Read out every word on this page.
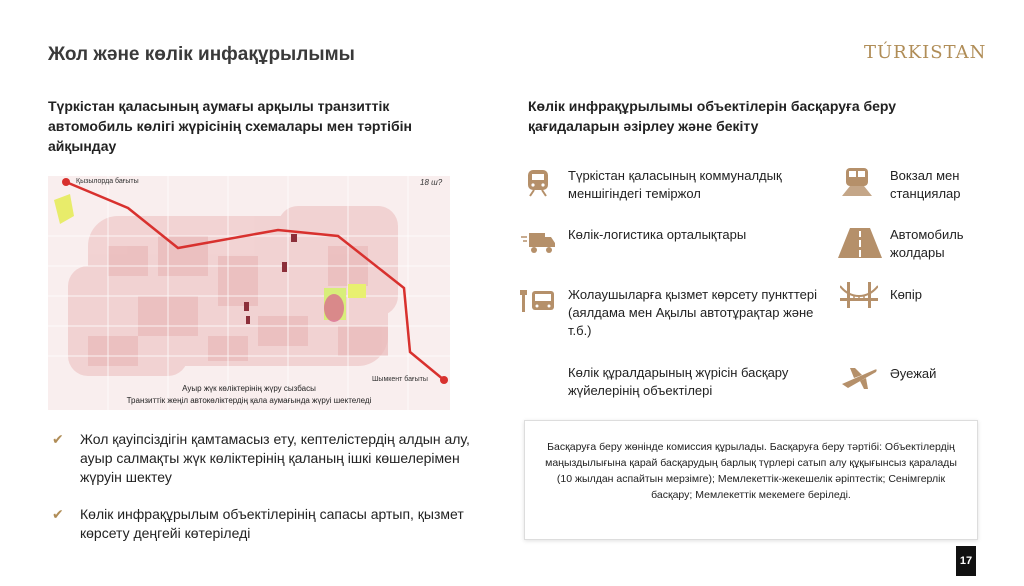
Жол және көлік инфақұрылымы	TÚRKISTAN
Түркістан қаласының аумағы арқылы транзиттік автомобиль көлігі жүрісінің схемалары мен тәртібін айқындау
Қызылорда бағыты	18 ш?
Шымкент бағыты
Ауыр жүк көліктерінің жүру сызбасы
Транзиттік жеңіл автокөліктердің қала аумағында жүруі шектеледі
✔ Жол қауіпсіздігін қамтамасыз ету, кептелістердің алдын алу, ауыр салмақты жүк көліктерінің қаланың ішкі көшелерімен жүруін шектеу
✔ Көлік инфрақұрылым объектілерінің сапасы артып, қызмет көрсету деңгейі көтеріледі
Көлік инфрақұрылымы объектілерін басқаруға беру қағидаларын әзірлеу және бекіту
Түркістан қаласының коммуналдық меншігіндегі теміржол
Көлік-логистика орталықтары
Жолаушыларға қызмет көрсету пункттері (аялдама мен Ақылы автотұрақтар және т.б.)
Көлік құралдарының жүрісін басқару жүйелерінің объектілері
Вокзал мен станциялар
Автомобиль жолдары
Көпір
Әуежай
Басқаруға беру жөнінде комиссия құрылады. Басқаруға беру тәртібі: Объектілердің маңыздылығына қарай басқарудың барлық түрлері сатып алу құқығынсыз қаралады (10 жылдан аспайтын мерзімге); Мемлекеттік-жекешелік әріптестік; Сенімгерлік басқару; Мемлекеттік мекемеге беріледі.
17
